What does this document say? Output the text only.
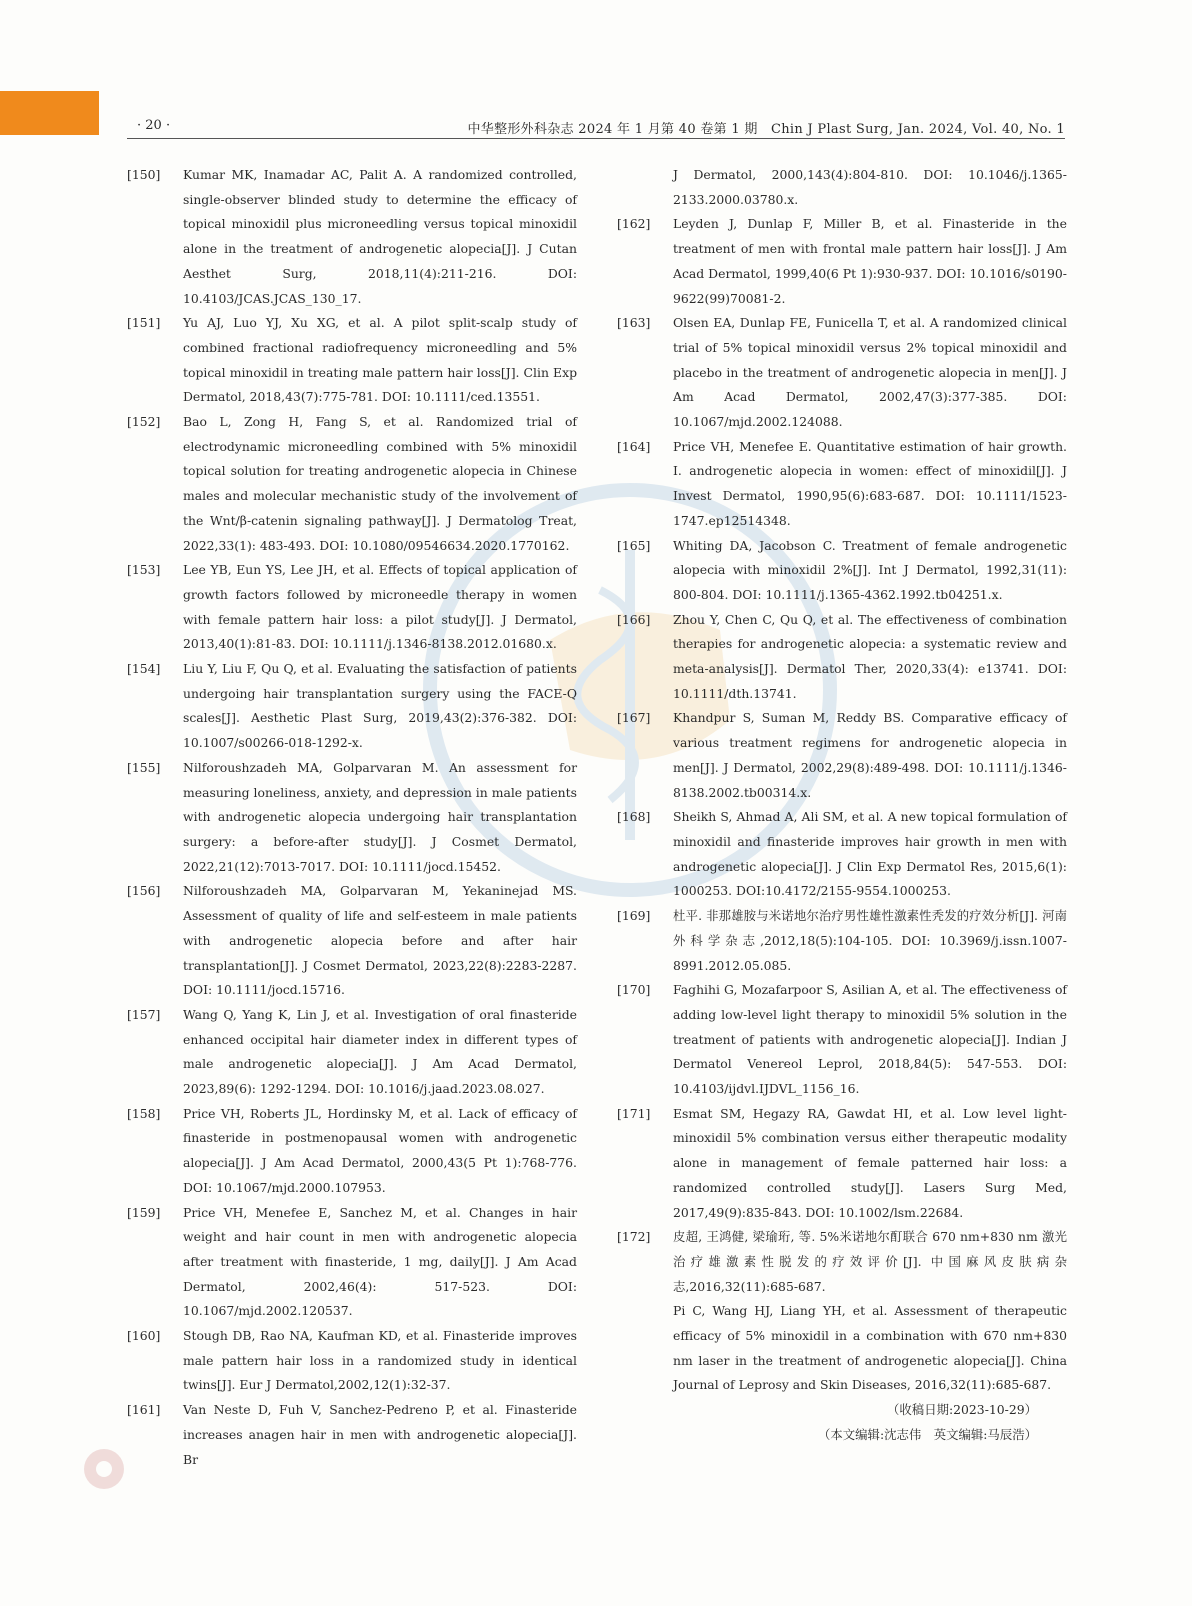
· 20 ·	中华整形外科杂志 2024 年 1 月第 40 卷第 1 期　Chin J Plast Surg, Jan. 2024, Vol. 40, No. 1
[150] Kumar MK, Inamadar AC, Palit A. A randomized controlled, single-observer blinded study to determine the efficacy of topical minoxidil plus microneedling versus topical minoxidil alone in the treatment of androgenetic alopecia[J]. J Cutan Aesthet Surg, 2018,11(4):211-216. DOI: 10.4103/JCAS.JCAS_130_17.
[151] Yu AJ, Luo YJ, Xu XG, et al. A pilot split-scalp study of combined fractional radiofrequency microneedling and 5% topical minoxidil in treating male pattern hair loss[J]. Clin Exp Dermatol, 2018,43(7):775-781. DOI: 10.1111/ced.13551.
[152] Bao L, Zong H, Fang S, et al. Randomized trial of electrodynamic microneedling combined with 5% minoxidil topical solution for treating androgenetic alopecia in Chinese males and molecular mechanistic study of the involvement of the Wnt/β-catenin signaling pathway[J]. J Dermatolog Treat, 2022,33(1): 483-493. DOI: 10.1080/09546634.2020.1770162.
[153] Lee YB, Eun YS, Lee JH, et al. Effects of topical application of growth factors followed by microneedle therapy in women with female pattern hair loss: a pilot study[J]. J Dermatol, 2013,40(1):81-83. DOI: 10.1111/j.1346-8138.2012.01680.x.
[154] Liu Y, Liu F, Qu Q, et al. Evaluating the satisfaction of patients undergoing hair transplantation surgery using the FACE-Q scales[J]. Aesthetic Plast Surg, 2019,43(2):376-382. DOI: 10.1007/s00266-018-1292-x.
[155] Nilforoushzadeh MA, Golparvaran M. An assessment for measuring loneliness, anxiety, and depression in male patients with androgenetic alopecia undergoing hair transplantation surgery: a before-after study[J]. J Cosmet Dermatol, 2022,21(12):7013-7017. DOI: 10.1111/jocd.15452.
[156] Nilforoushzadeh MA, Golparvaran M, Yekaninejad MS. Assessment of quality of life and self-esteem in male patients with androgenetic alopecia before and after hair transplantation[J]. J Cosmet Dermatol, 2023,22(8):2283-2287. DOI: 10.1111/jocd.15716.
[157] Wang Q, Yang K, Lin J, et al. Investigation of oral finasteride enhanced occipital hair diameter index in different types of male androgenetic alopecia[J]. J Am Acad Dermatol, 2023,89(6): 1292-1294. DOI: 10.1016/j.jaad.2023.08.027.
[158] Price VH, Roberts JL, Hordinsky M, et al. Lack of efficacy of finasteride in postmenopausal women with androgenetic alopecia[J]. J Am Acad Dermatol, 2000,43(5 Pt 1):768-776. DOI: 10.1067/mjd.2000.107953.
[159] Price VH, Menefee E, Sanchez M, et al. Changes in hair weight and hair count in men with androgenetic alopecia after treatment with finasteride, 1 mg, daily[J]. J Am Acad Dermatol, 2002,46(4): 517-523. DOI: 10.1067/mjd.2002.120537.
[160] Stough DB, Rao NA, Kaufman KD, et al. Finasteride improves male pattern hair loss in a randomized study in identical twins[J]. Eur J Dermatol,2002,12(1):32-37.
[161] Van Neste D, Fuh V, Sanchez-Pedreno P, et al. Finasteride increases anagen hair in men with androgenetic alopecia[J]. Br
J Dermatol, 2000,143(4):804-810. DOI: 10.1046/j.1365-2133.2000.03780.x.
[162] Leyden J, Dunlap F, Miller B, et al. Finasteride in the treatment of men with frontal male pattern hair loss[J]. J Am Acad Dermatol, 1999,40(6 Pt 1):930-937. DOI: 10.1016/s0190-9622(99)70081-2.
[163] Olsen EA, Dunlap FE, Funicella T, et al. A randomized clinical trial of 5% topical minoxidil versus 2% topical minoxidil and placebo in the treatment of androgenetic alopecia in men[J]. J Am Acad Dermatol, 2002,47(3):377-385. DOI: 10.1067/mjd.2002.124088.
[164] Price VH, Menefee E. Quantitative estimation of hair growth. I. androgenetic alopecia in women: effect of minoxidil[J]. J Invest Dermatol, 1990,95(6):683-687. DOI: 10.1111/1523-1747.ep12514348.
[165] Whiting DA, Jacobson C. Treatment of female androgenetic alopecia with minoxidil 2%[J]. Int J Dermatol, 1992,31(11): 800-804. DOI: 10.1111/j.1365-4362.1992.tb04251.x.
[166] Zhou Y, Chen C, Qu Q, et al. The effectiveness of combination therapies for androgenetic alopecia: a systematic review and meta-analysis[J]. Dermatol Ther, 2020,33(4): e13741. DOI: 10.1111/dth.13741.
[167] Khandpur S, Suman M, Reddy BS. Comparative efficacy of various treatment regimens for androgenetic alopecia in men[J]. J Dermatol, 2002,29(8):489-498. DOI: 10.1111/j.1346-8138.2002.tb00314.x.
[168] Sheikh S, Ahmad A, Ali SM, et al. A new topical formulation of minoxidil and finasteride improves hair growth in men with androgenetic alopecia[J]. J Clin Exp Dermatol Res, 2015,6(1): 1000253. DOI:10.4172/2155-9554.1000253.
[169] 杜平. 非那雄胺与米诺地尔治疗男性雄性激素性秃发的疗效分析[J]. 河南外科学杂志,2012,18(5):104-105. DOI: 10.3969/j.issn.1007-8991.2012.05.085.
[170] Faghihi G, Mozafarpoor S, Asilian A, et al. The effectiveness of adding low-level light therapy to minoxidil 5% solution in the treatment of patients with androgenetic alopecia[J]. Indian J Dermatol Venereol Leprol, 2018,84(5): 547-553. DOI: 10.4103/ijdvl.IJDVL_1156_16.
[171] Esmat SM, Hegazy RA, Gawdat HI, et al. Low level light-minoxidil 5% combination versus either therapeutic modality alone in management of female patterned hair loss: a randomized controlled study[J]. Lasers Surg Med, 2017,49(9):835-843. DOI: 10.1002/lsm.22684.
[172] 皮超, 王鸿健, 梁瑜珩, 等. 5%米诺地尔酊联合 670 nm+830 nm 激光治疗雄激素性脱发的疗效评价[J]. 中国麻风皮肤病杂志,2016,32(11):685-687.
Pi C, Wang HJ, Liang YH, et al. Assessment of therapeutic efficacy of 5% minoxidil in a combination with 670 nm+830 nm laser in the treatment of androgenetic alopecia[J]. China Journal of Leprosy and Skin Diseases, 2016,32(11):685-687.
（收稿日期:2023-10-29）
（本文编辑:沈志伟　英文编辑:马辰浩）
